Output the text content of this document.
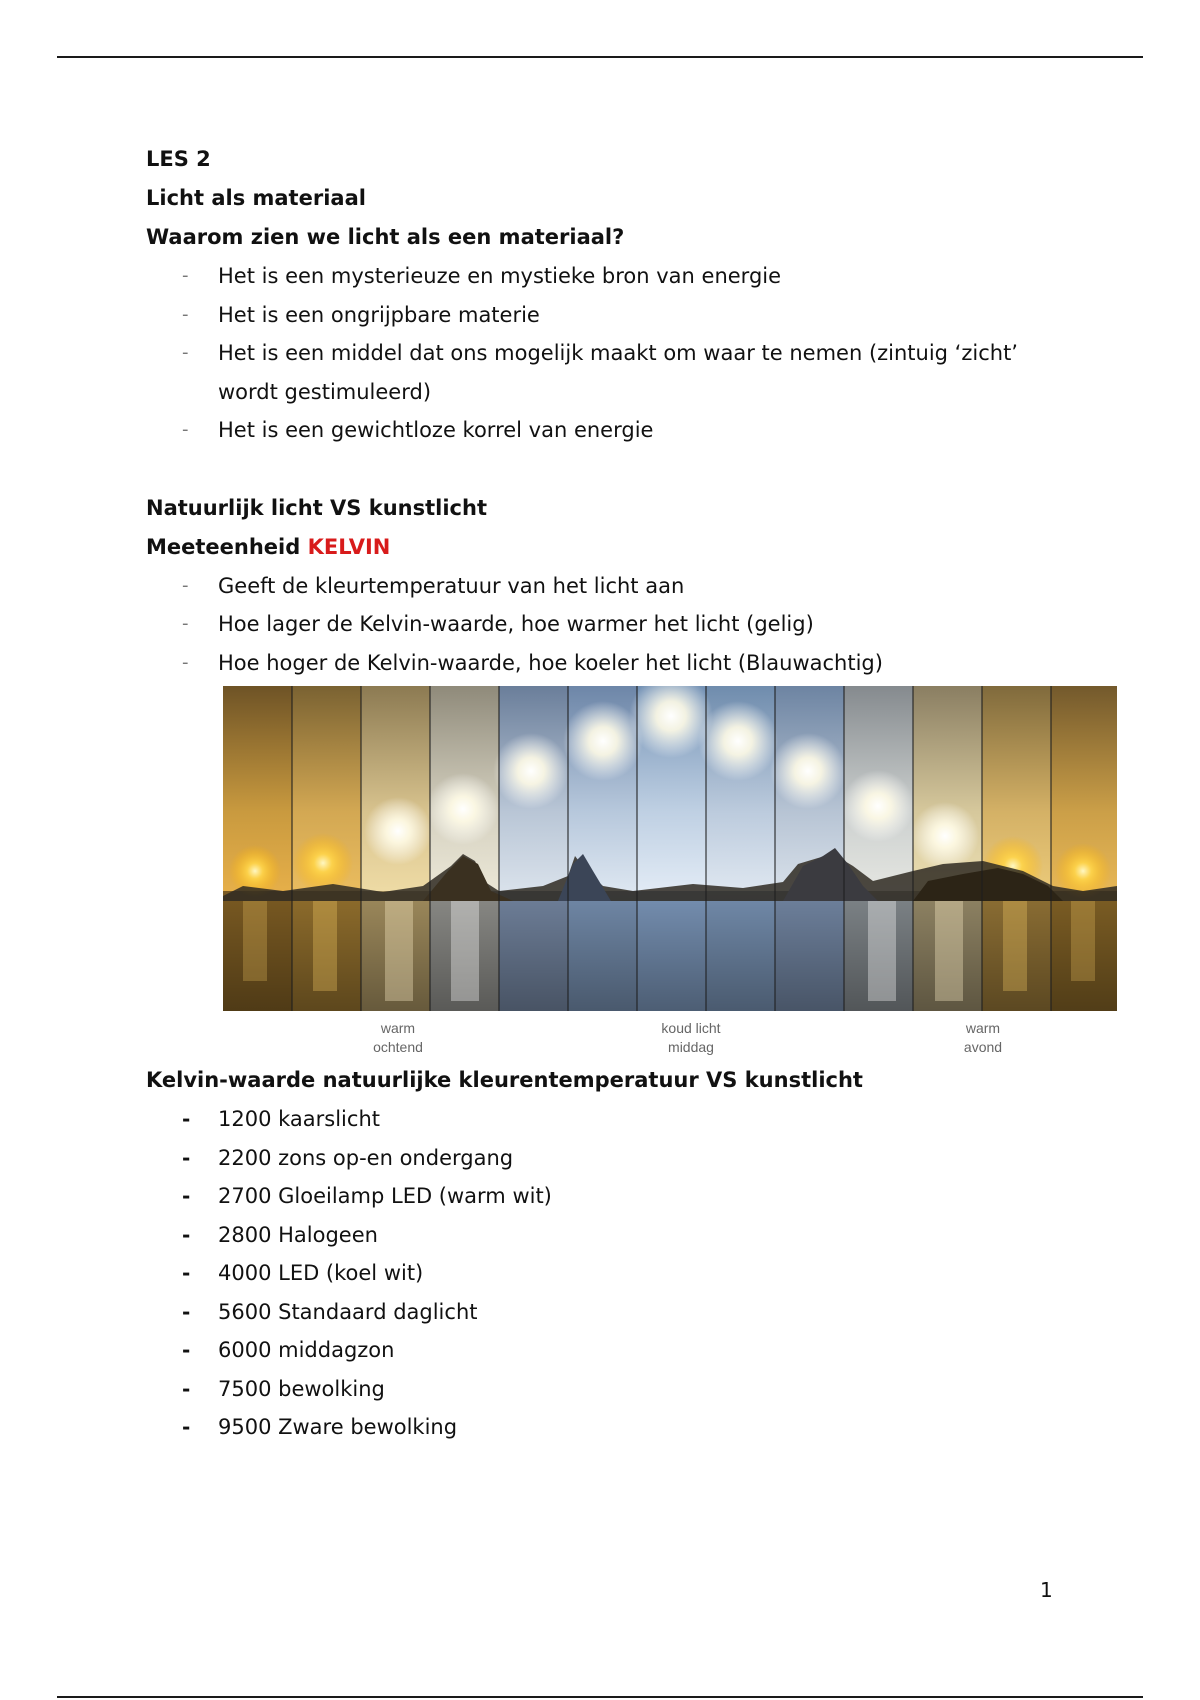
LES 2
Licht als materiaal
Waarom zien we licht als een materiaal?
- Het is een mysterieuze en mystieke bron van energie
- Het is een ongrijpbare materie
- Het is een middel dat ons mogelijk maakt om waar te nemen (zintuig ‘zicht’ wordt gestimuleerd)
- Het is een gewichtloze korrel van energie
Natuurlijk licht VS kunstlicht
Meeteenheid KELVIN
- Geeft de kleurtemperatuur van het licht aan
- Hoe lager de Kelvin-waarde, hoe warmer het licht (gelig)
- Hoe hoger de Kelvin-waarde, hoe koeler het licht (Blauwachtig)
warm
ochtend
koud licht
middag
warm
avond
Kelvin-waarde natuurlijke kleurentemperatuur VS kunstlicht
- 1200 kaarslicht
- 2200 zons op-en ondergang
- 2700 Gloeilamp LED (warm wit)
- 2800 Halogeen
- 4000 LED (koel wit)
- 5600 Standaard daglicht
- 6000 middagzon
- 7500 bewolking
- 9500 Zware bewolking
1
